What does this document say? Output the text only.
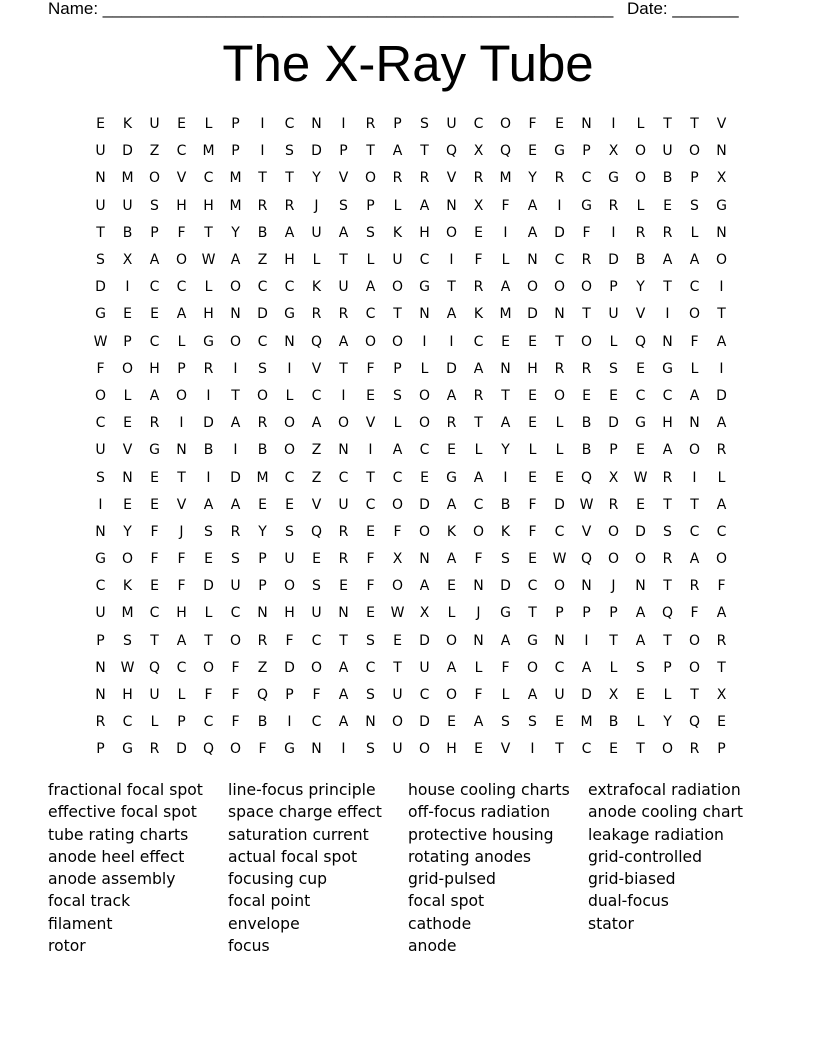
Name: ______________________________________________________ Date: _______
The X-Ray Tube
E	K	U	E	L	P	I	C	N	I	R	P	S	U	C	O	F	E	N	I	L	T	T	V
U	D	Z	C	M	P	I	S	D	P	T	A	T	Q	X	Q	E	G	P	X	O	U	O	N
N	M	O	V	C	M	T	T	Y	V	O	R	R	V	R	M	Y	R	C	G	O	B	P	X
U	U	S	H	H	M	R	R	J	S	P	L	A	N	X	F	A	I	G	R	L	E	S	G
T	B	P	F	T	Y	B	A	U	A	S	K	H	O	E	I	A	D	F	I	R	R	L	N
S	X	A	O	W	A	Z	H	L	T	L	U	C	I	F	L	N	C	R	D	B	A	A	O
D	I	C	C	L	O	C	C	K	U	A	O	G	T	R	A	O	O	O	P	Y	T	C	I
G	E	E	A	H	N	D	G	R	R	C	T	N	A	K	M	D	N	T	U	V	I	O	T
W	P	C	L	G	O	C	N	Q	A	O	O	I	I	C	E	E	T	O	L	Q	N	F	A
F	O	H	P	R	I	S	I	V	T	F	P	L	D	A	N	H	R	R	S	E	G	L	I
O	L	A	O	I	T	O	L	C	I	E	S	O	A	R	T	E	O	E	E	C	C	A	D
C	E	R	I	D	A	R	O	A	O	V	L	O	R	T	A	E	L	B	D	G	H	N	A
U	V	G	N	B	I	B	O	Z	N	I	A	C	E	L	Y	L	L	B	P	E	A	O	R
S	N	E	T	I	D	M	C	Z	C	T	C	E	G	A	I	E	E	Q	X	W	R	I	L
I	E	E	V	A	A	E	E	V	U	C	O	D	A	C	B	F	D	W	R	E	T	T	A
N	Y	F	J	S	R	Y	S	Q	R	E	F	O	K	O	K	F	C	V	O	D	S	C	C
G	O	F	F	E	S	P	U	E	R	F	X	N	A	F	S	E	W	Q	O	O	R	A	O
C	K	E	F	D	U	P	O	S	E	F	O	A	E	N	D	C	O	N	J	N	T	R	F
U	M	C	H	L	C	N	H	U	N	E	W	X	L	J	G	T	P	P	P	A	Q	F	A
P	S	T	A	T	O	R	F	C	T	S	E	D	O	N	A	G	N	I	T	A	T	O	R
N	W	Q	C	O	F	Z	D	O	A	C	T	U	A	L	F	O	C	A	L	S	P	O	T
N	H	U	L	F	F	Q	P	F	A	S	U	C	O	F	L	A	U	D	X	E	L	T	X
R	C	L	P	C	F	B	I	C	A	N	O	D	E	A	S	S	E	M	B	L	Y	Q	E
P	G	R	D	Q	O	F	G	N	I	S	U	O	H	E	V	I	T	C	E	T	O	R	P
fractional focal spot
effective focal spot
tube rating charts
anode heel effect
anode assembly
focal track
filament
rotor
line-focus principle
space charge effect
saturation current
actual focal spot
focusing cup
focal point
envelope
focus
house cooling charts
off-focus radiation
protective housing
rotating anodes
grid-pulsed
focal spot
cathode
anode
extrafocal radiation
anode cooling chart
leakage radiation
grid-controlled
grid-biased
dual-focus
stator
